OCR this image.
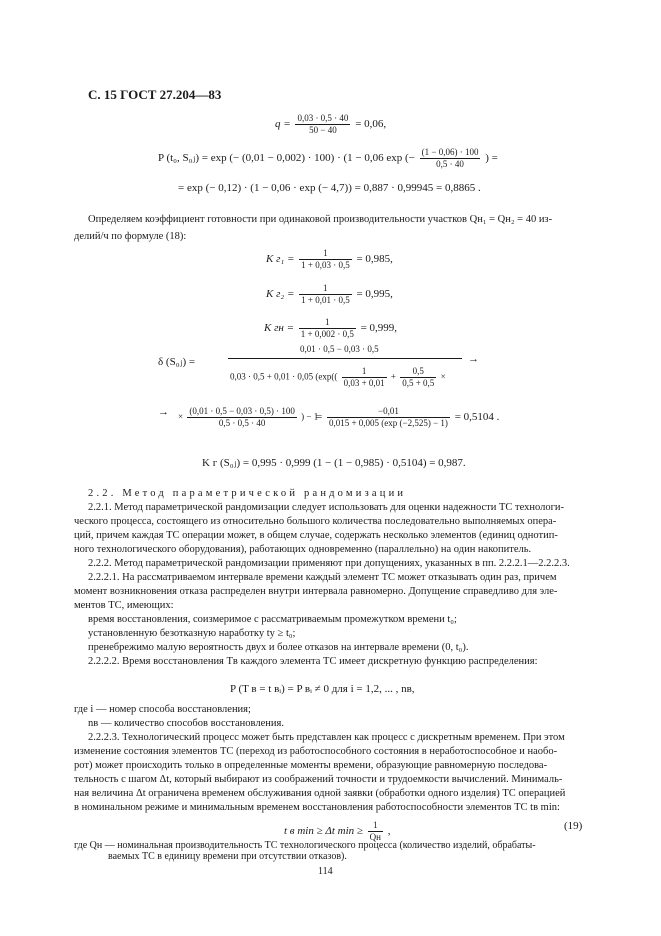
С. 15 ГОСТ 27.204—83
$q = \frac{0,03 \cdot 0,5 \cdot 40}{50 - 40} = 0,06$,
P (t₀, S₀ⱼ) = exp (− (0,01 − 0,002) · 100) · (1 − 0,06 exp (− $\frac{(1 - 0,06) \cdot 100}{0,5 \cdot 40}$ ) =
= exp (− 0,12) · (1 − 0,06 · exp (− 4,7)) = 0,887 · 0,99945 = 0,8865 .
Определяем коэффициент готовности при одинаковой производительности участков Qн₁ = Qн₂ = 40 из-
делий/ч по формуле (18):
K $г_1 = \frac{1}{1 + 0,03 \cdot 0,5} = 0,985$,
K $г_2 = \frac{1}{1 + 0,01 \cdot 0,5} = 0,995$,
K гн = $\frac{1}{1 + 0,002 \cdot 0,5} = 0,999$,
δ (S₀ⱼ) =
0,01 · 0,5 − 0,03 · 0,5
0,03 · 0,5 + 0,01 · 0,05 ($\exp(( \frac{1}{0,03 + 0,01} + \frac{0,5}{0,5 + 0,5}$ ×
→
→ × $\frac{(0,01 \cdot 0,5 - 0,03 \cdot 0,5) \cdot 100}{0,5 \cdot 0,5 \cdot 40}$ ) − 1
= $\frac{-0,01}{0,015 + 0,005 (\exp (-2,525) - 1)} = 0,5104$ .
K г (S₀ⱼ) = 0,995 · 0,999 (1 − (1 − 0,985) · 0,5104) = 0,987.
2.2. Метод параметрической рандомизации
2.2.1. Метод параметрической рандомизации следует использовать для оценки надежности ТС технологи-
ческого процесса, состоящего из относительно большого количества последовательно выполняемых опера-
ций, причем каждая ТС операции может, в общем случае, содержать несколько элементов (единиц однотип-
ного технологического оборудования), работающих одновременно (параллельно) на один накопитель.
2.2.2. Метод параметрической рандомизации применяют при допущениях, указанных в пп. 2.2.2.1—2.2.2.3.
2.2.2.1. На рассматриваемом интервале времени каждый элемент ТС может отказывать один раз, причем
момент возникновения отказа распределен внутри интервала равномерно. Допущение справедливо для эле-
ментов ТС, имеющих:
время восстановления, соизмеримое с рассматриваемым промежутком времени t₀;
установленную безотказную наработку tу ≥ t₀;
пренебрежимо малую вероятность двух и более отказов на интервале времени (0, t₀).
2.2.2.2. Время восстановления Tв каждого элемента ТС имеет дискретную функцию распределения:
P (T в = t вᵢ) = P вᵢ ≠ 0 для i = 1,2, ... , nв,
где i — номер способа восстановления;
nв — количество способов восстановления.
2.2.2.3. Технологический процесс может быть представлен как процесс с дискретным временем. При этом
изменение состояния элементов ТС (переход из работоспособного состояния в неработоспособное и наобо-
рот) может происходить только в определенные моменты времени, образующие равномерную последова-
тельность с шагом Δt, который выбирают из соображений точности и трудоемкости вычислений. Минималь-
ная величина Δt ограничена временем обслуживания одной заявки (обработки одного изделия) ТС операцией
в номинальном режиме и минимальным временем восстановления работоспособности элементов ТС tв min:
t в min ≥ Δt $\min \ge \frac{1}{Qн}$ ,	(19)
где Qн — номинальная производительность ТС технологического процесса (количество изделий, обрабаты-
ваемых ТС в единицу времени при отсутствии отказов).
114
